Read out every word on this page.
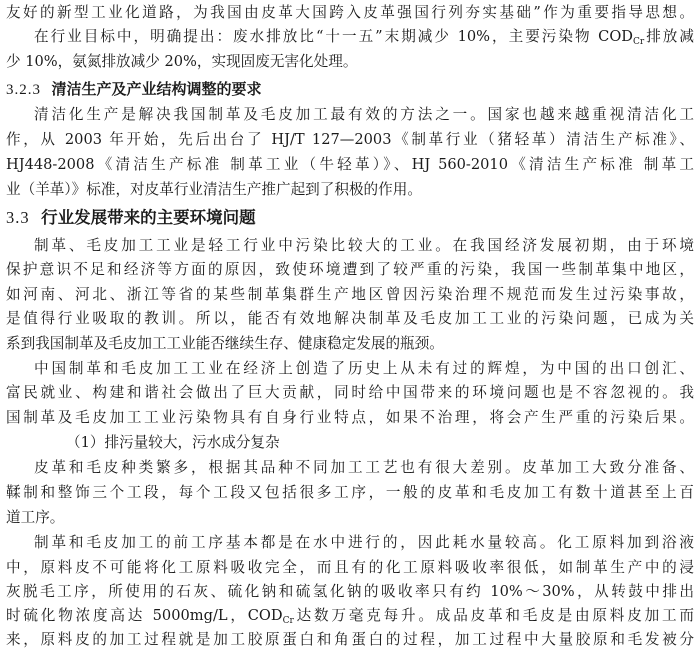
友好的新型工业化道路，为我国由皮革大国跨入皮革强国行列夯实基础”作为重要指导思想。
在行业目标中，明确提出：废水排放比“十一五”末期减少 10%，主要污染物 $COD_{Cr}$排放减
少 10%，氨氮排放减少 20%，实现固废无害化处理。
3.2.3 清洁生产及产业结构调整的要求
清洁化生产是解决我国制革及毛皮加工最有效的方法之一。国家也越来越重视清洁化工
作，从 2003 年开始，先后出台了 HJ/T 127—2003《制革行业（猪轻革）清洁生产标准》、
HJ448-2008《清洁生产标准 制革工业（牛轻革）》、HJ 560-2010《清洁生产标准 制革工
业（羊革）》标准，对皮革行业清洁生产推广起到了积极的作用。
3.3 行业发展带来的主要环境问题
制革、毛皮加工工业是轻工行业中污染比较大的工业。在我国经济发展初期，由于环境
保护意识不足和经济等方面的原因，致使环境遭到了较严重的污染，我国一些制革集中地区，
如河南、河北、浙江等省的某些制革集群生产地区曾因污染治理不规范而发生过污染事故，
是值得行业吸取的教训。所以，能否有效地解决制革及毛皮加工工业的污染问题，已成为关
系到我国制革及毛皮加工工业能否继续生存、健康稳定发展的瓶颈。
中国制革和毛皮加工工业在经济上创造了历史上从未有过的辉煌，为中国的出口创汇、
富民就业、构建和谐社会做出了巨大贡献，同时给中国带来的环境问题也是不容忽视的。我
国制革及毛皮加工工业污染物具有自身行业特点，如果不治理，将会产生严重的污染后果。
（1）排污量较大，污水成分复杂
皮革和毛皮种类繁多，根据其品种不同加工工艺也有很大差别。皮革加工大致分准备、
鞣制和整饰三个工段，每个工段又包括很多工序，一般的皮革和毛皮加工有数十道甚至上百
道工序。
制革和毛皮加工的前工序基本都是在水中进行的，因此耗水量较高。化工原料加到浴液
中，原料皮不可能将化工原料吸收完全，而且有的化工原料吸收率很低，如制革生产中的浸
灰脱毛工序，所使用的石灰、硫化钠和硫氢化钠的吸收率只有约 10%～30%，从转鼓中排出
时硫化物浓度高达 5000mg/L，$COD_{Cr}$达数万毫克每升。成品皮革和毛皮是由原料皮加工而
来，原料皮的加工过程就是加工胶原蛋白和角蛋白的过程，加工过程中大量胶原和毛发被分
